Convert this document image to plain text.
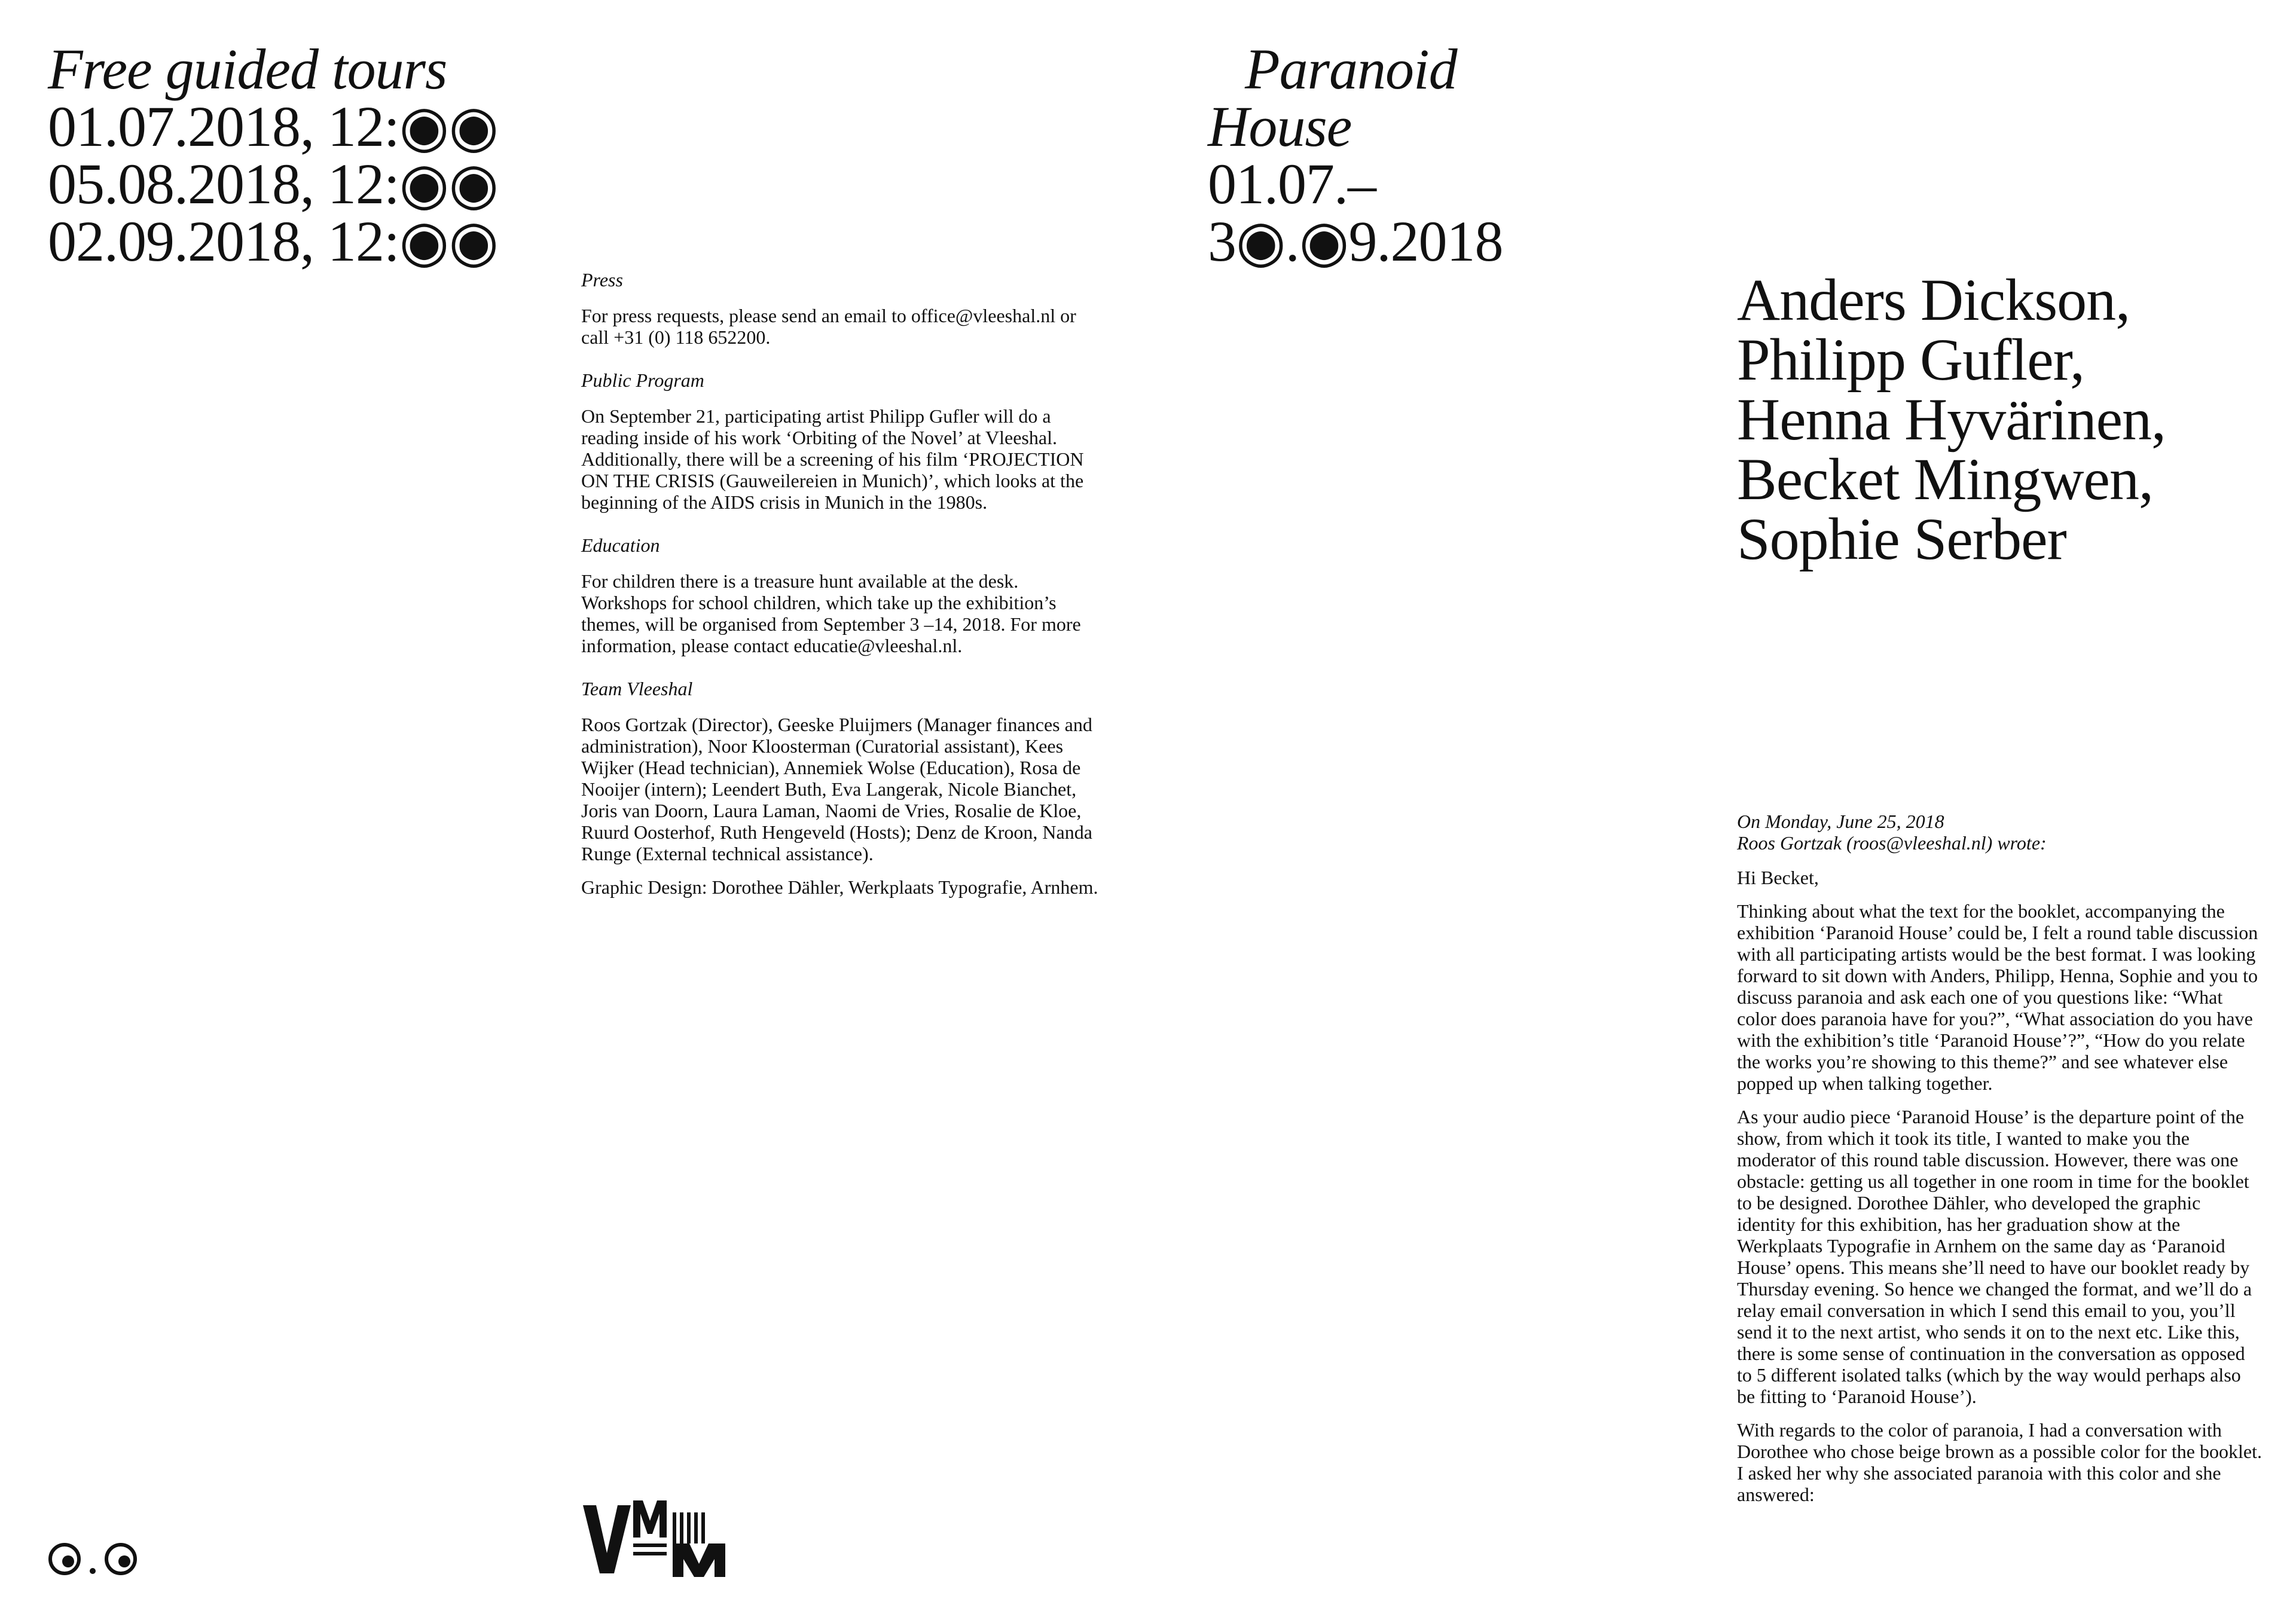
Free guided tours
01.07.2018, 12:◉◉
05.08.2018, 12:◉◉
02.09.2018, 12:◉◉
Paranoid
House
01.07.–
3◉.◉9.2018
Anders Dickson,
Philipp Gufler,
Henna Hyvärinen,
Becket Mingwen,
Sophie Serber
Press
For press requests, please send an email to office@vleeshal.nl or call +31 (0) 118 652200.
Public Program
On September 21, participating artist Philipp Gufler will do a reading inside of his work ‘Orbiting of the Novel’ at Vleeshal. Additionally, there will be a screening of his film ‘PROJECTION ON THE CRISIS (Gauweilereien in Munich)’, which looks at the beginning of the AIDS crisis in Munich in the 1980s.
Education
For children there is a treasure hunt available at the desk. Workshops for school children, which take up the exhibition’s themes, will be organised from September 3 –14, 2018. For more information, please contact educatie@vleeshal.nl.
Team Vleeshal
Roos Gortzak (Director), Geeske Pluijmers (Manager finances and administration), Noor Kloosterman (Curatorial assistant), Kees Wijker (Head technician), Annemiek Wolse (Education), Rosa de Nooijer (intern); Leendert Buth, Eva Langerak, Nicole Bianchet, Joris van Doorn, Laura Laman, Naomi de Vries, Rosalie de Kloe, Ruurd Oosterhof, Ruth Hengeveld (Hosts); Denz de Kroon, Nanda Runge (External technical assistance).
Graphic Design: Dorothee Dähler, Werkplaats Typografie, Arnhem.
On Monday, June 25, 2018
Roos Gortzak (roos@vleeshal.nl) wrote:
Hi Becket,
Thinking about what the text for the booklet, accompanying the exhibition ‘Paranoid House’ could be, I felt a round table discussion with all participating artists would be the best format. I was looking forward to sit down with Anders, Philipp, Henna, Sophie and you to discuss paranoia and ask each one of you questions like: “What color does paranoia have for you?”, “What association do you have with the exhibition’s title ‘Paranoid House’?”, “How do you relate the works you’re showing to this theme?” and see whatever else popped up when talking together.
As your audio piece ‘Paranoid House’ is the departure point of the show, from which it took its title, I wanted to make you the moderator of this round table discussion. However, there was one obstacle: getting us all together in one room in time for the booklet to be designed. Dorothee Dähler, who developed the graphic identity for this exhibition, has her graduation show at the Werkplaats Typografie in Arnhem on the same day as ‘Paranoid House’ opens. This means she’ll need to have our booklet ready by Thursday evening. So hence we changed the format, and we’ll do a relay email conversation in which I send this email to you, you’ll send it to the next artist, who sends it on to the next etc. Like this, there is some sense of continuation in the conversation as opposed to 5 different isolated talks (which by the way would perhaps also be fitting to ‘Paranoid House’).
With regards to the color of paranoia, I had a conversation with Dorothee who chose beige brown as a possible color for the booklet. I asked her why she associated paranoia with this color and she answered:
